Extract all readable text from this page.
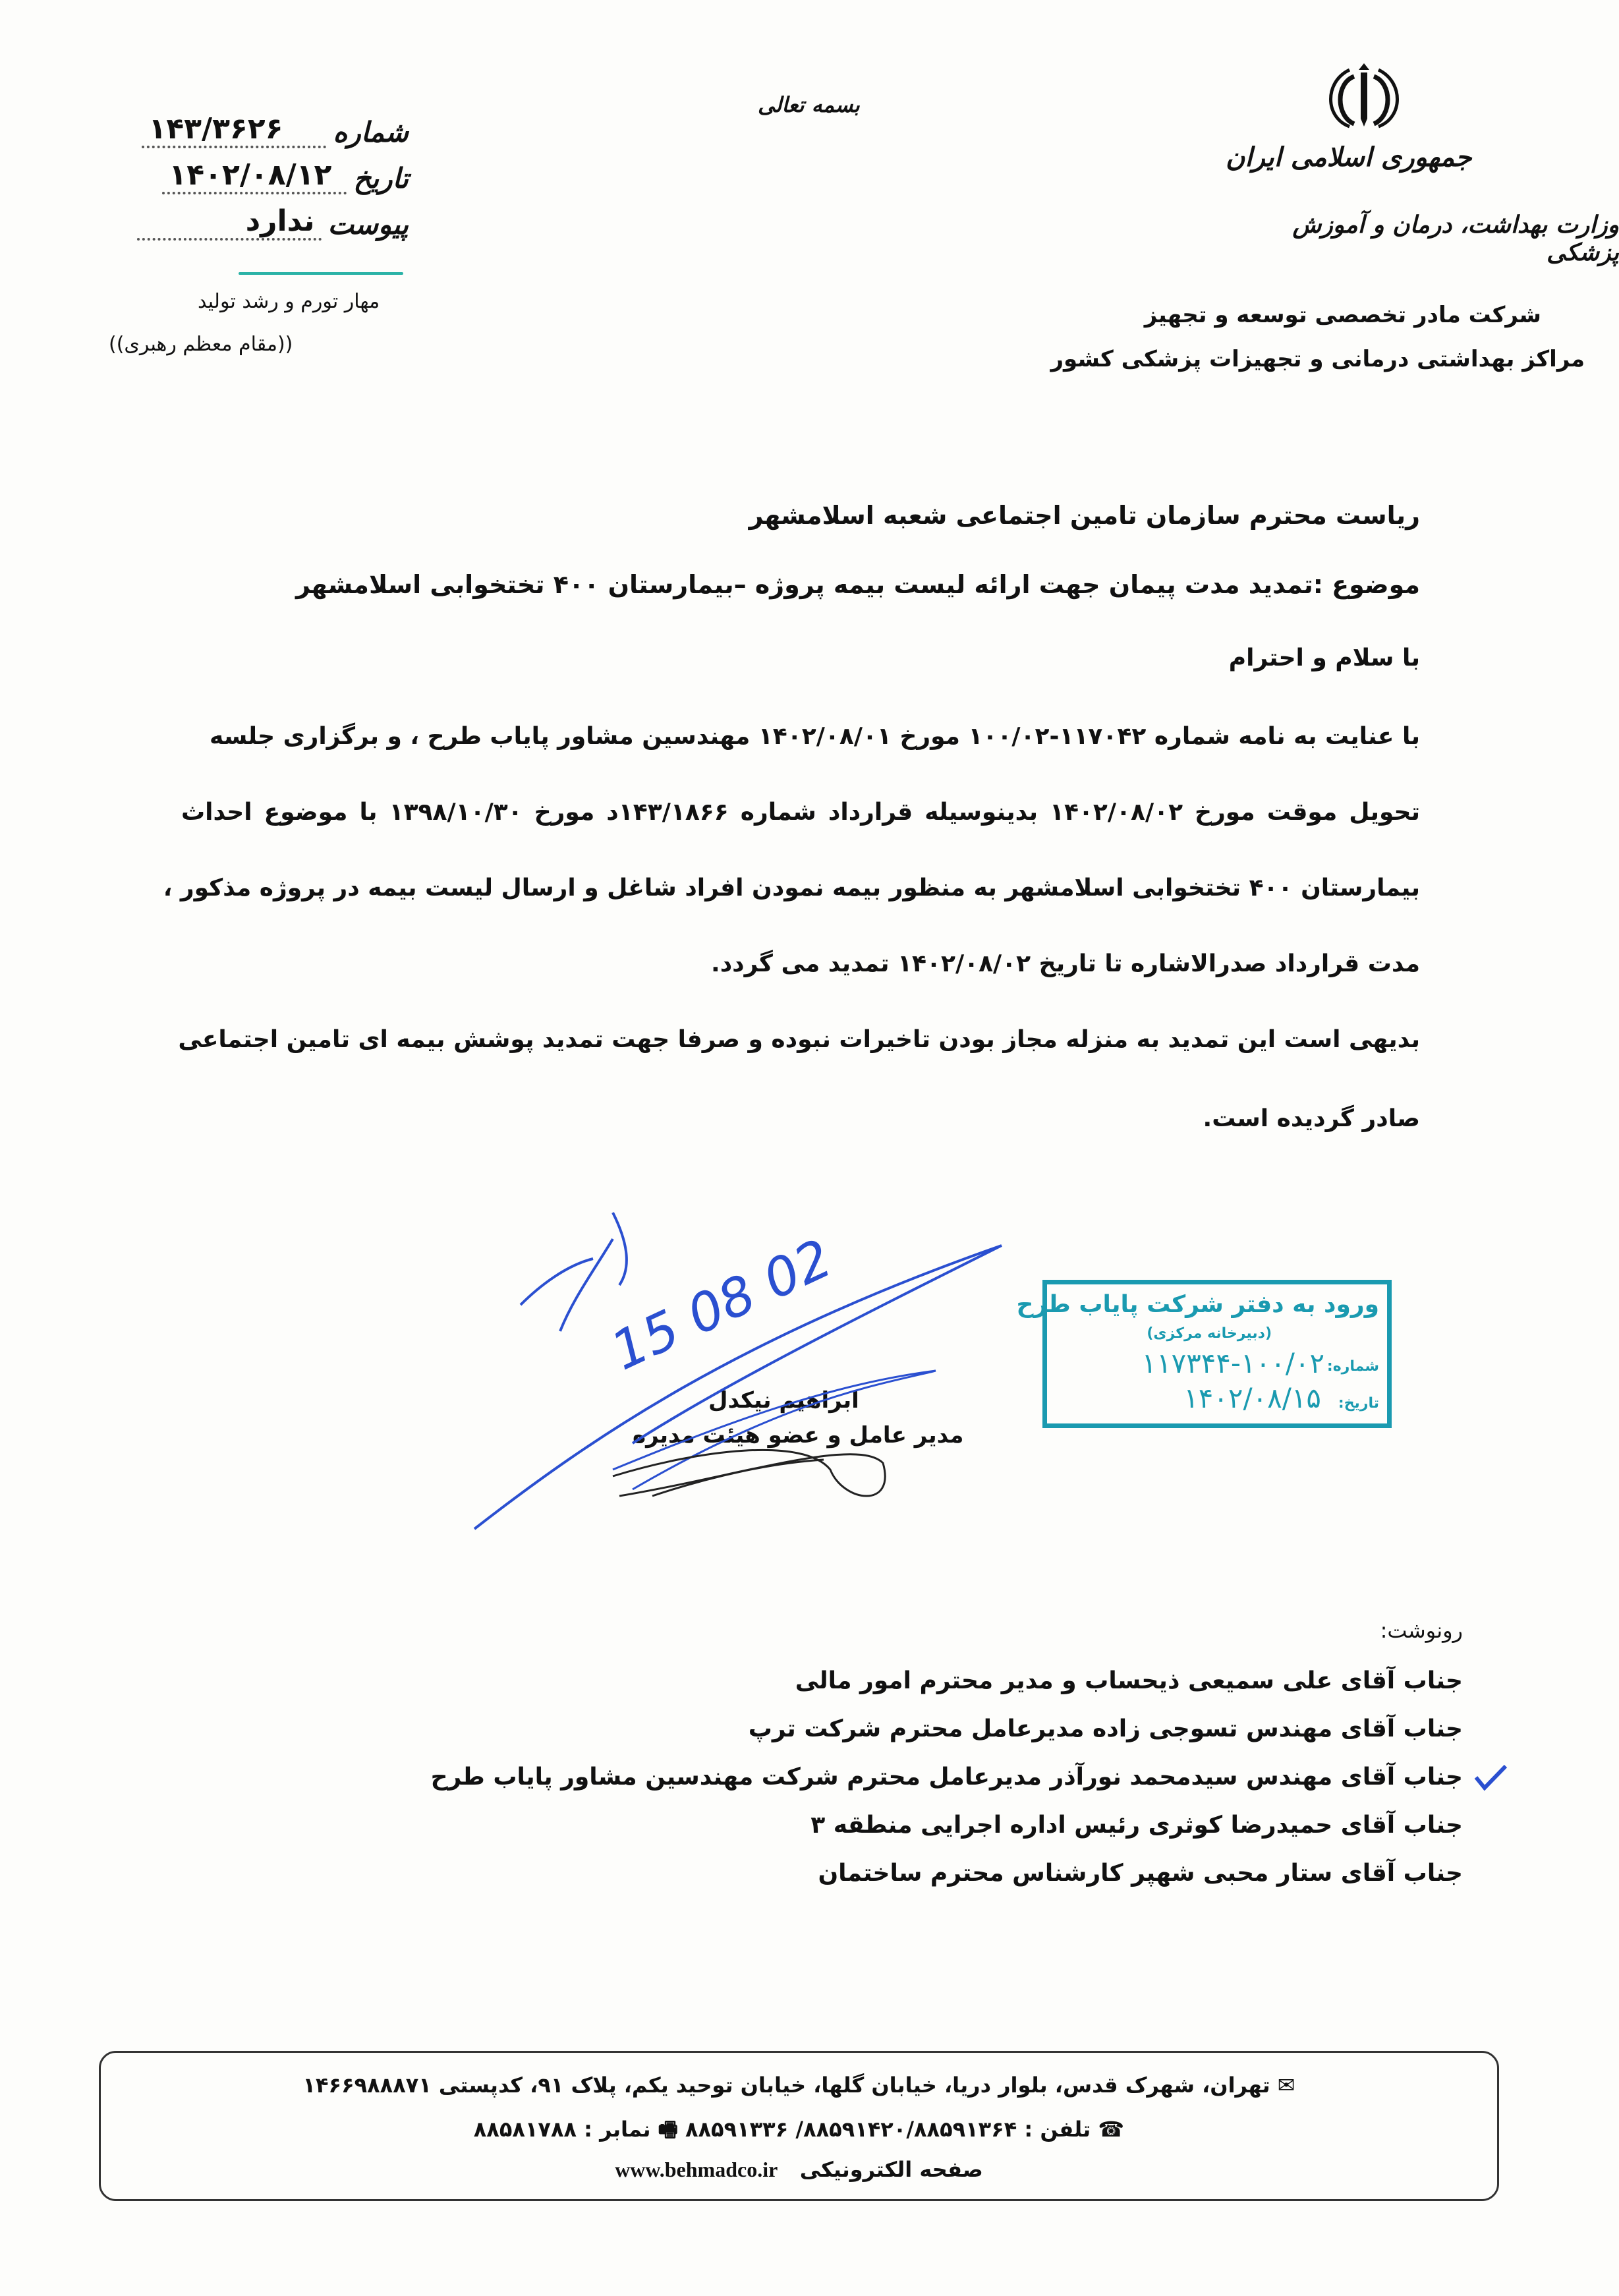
جمهوری اسلامی ایران
وزارت بهداشت، درمان و آموزش پزشکی
شرکت مادر تخصصی توسعه و تجهیز
مراکز بهداشتی درمانی و تجهیزات پزشکی کشور
بسمه تعالی
شماره
۱۴۳/۳۶۲۶
تاریخ
۱۴۰۲/۰۸/۱۲
پیوست
ندارد
مهار تورم و رشد تولید
((مقام معظم رهبری))
ریاست محترم سازمان تامین اجتماعی شعبه اسلامشهر
موضوع :تمدید مدت پیمان جهت ارائه لیست بیمه پروژه –بیمارستان ۴۰۰ تختخوابی اسلامشهر
با سلام و احترام
با عنایت به نامه شماره ۱۱۷۰۴۲-۱۰۰/۰۲ مورخ ۱۴۰۲/۰۸/۰۱ مهندسین مشاور پایاب طرح ، و برگزاری جلسه
تحویل موقت مورخ ۱۴۰۲/۰۸/۰۲ بدینوسیله قرارداد شماره ۱۴۳/۱۸۶۶د مورخ ۱۳۹۸/۱۰/۳۰ با موضوع احداث
بیمارستان ۴۰۰ تختخوابی اسلامشهر به منظور بیمه نمودن افراد شاغل و ارسال لیست بیمه در پروژه مذکور ،
مدت قرارداد صدرالاشاره تا تاریخ ۱۴۰۲/۰۸/۰۲ تمدید می گردد.
بدیهی است این تمدید به منزله مجاز بودن تاخیرات نبوده و صرفا جهت تمدید پوشش بیمه ای تامین اجتماعی
صادر گردیده است.
ابراهیم نیکدل
مدیر عامل و عضو هیئت مدیره
15 08 02	ورود به دفتر شرکت پایاب طرح
(دبیرخانه مرکزی)
شماره:
۱۱۷۳۴۴-۱۰۰/۰۲
تاریخ:
۱۴۰۲/۰۸/۱۵
رونوشت:
جناب آقای علی سمیعی ذیحساب و مدیر محترم امور مالی
جناب آقای مهندس تسوجی زاده مدیرعامل محترم شرکت ترپ
جناب آقای مهندس سیدمحمد نورآذر مدیرعامل محترم شرکت مهندسین مشاور پایاب طرح
جناب آقای حمیدرضا کوثری رئیس اداره اجرایی منطقه ۳
جناب آقای ستار محبی شهپر کارشناس محترم ساختمان
✉ تهران، شهرک قدس، بلوار دریا، خیابان گلها، خیابان توحید یکم، پلاک ۹۱، کدپستی ۱۴۶۶۹۸۸۸۷۱
☎ تلفن : ۸۸۵۹۱۴۲۰/۸۸۵۹۱۳۶۴/ ۸۸۵۹۱۳۳۶ 🖷 نمابر : ۸۸۵۸۱۷۸۸
صفحه الکترونیکی   www.behmadco.ir
